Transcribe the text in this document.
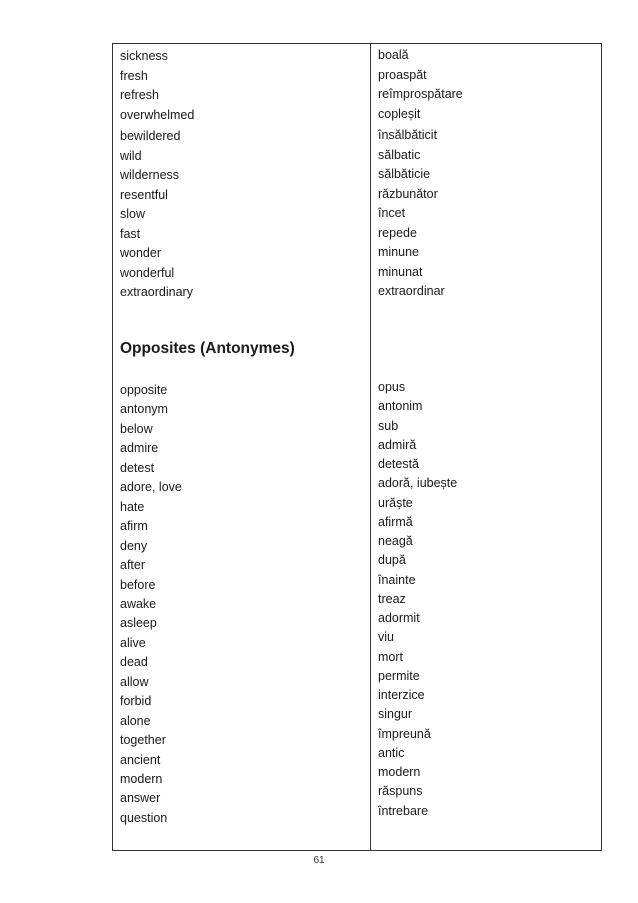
sickness
fresh
refresh
overwhelmed
bewildered
wild
wilderness
resentful
slow
fast
wonder
wonderful
extraordinary
opposite
antonym
below
admire
detest
adore, love
hate
afirm
deny
after
before
awake
asleep
alive
dead
allow
forbid
alone
together
ancient
modern
answer
question
boală
proaspăt
reîmprospătare
copleșit
însălbăticit
sălbatic
sălbăticie
răzbunător
încet
repede
minune
minunat
extraordinar
opus
antonim
sub
admiră
detestă
adoră, iubește
urăște
afirmă
neagă
după
înainte
treaz
adormit
viu
mort
permite
interzice
singur
împreună
antic
modern
răspuns
întrebare
Opposites (Antonymes)
61
